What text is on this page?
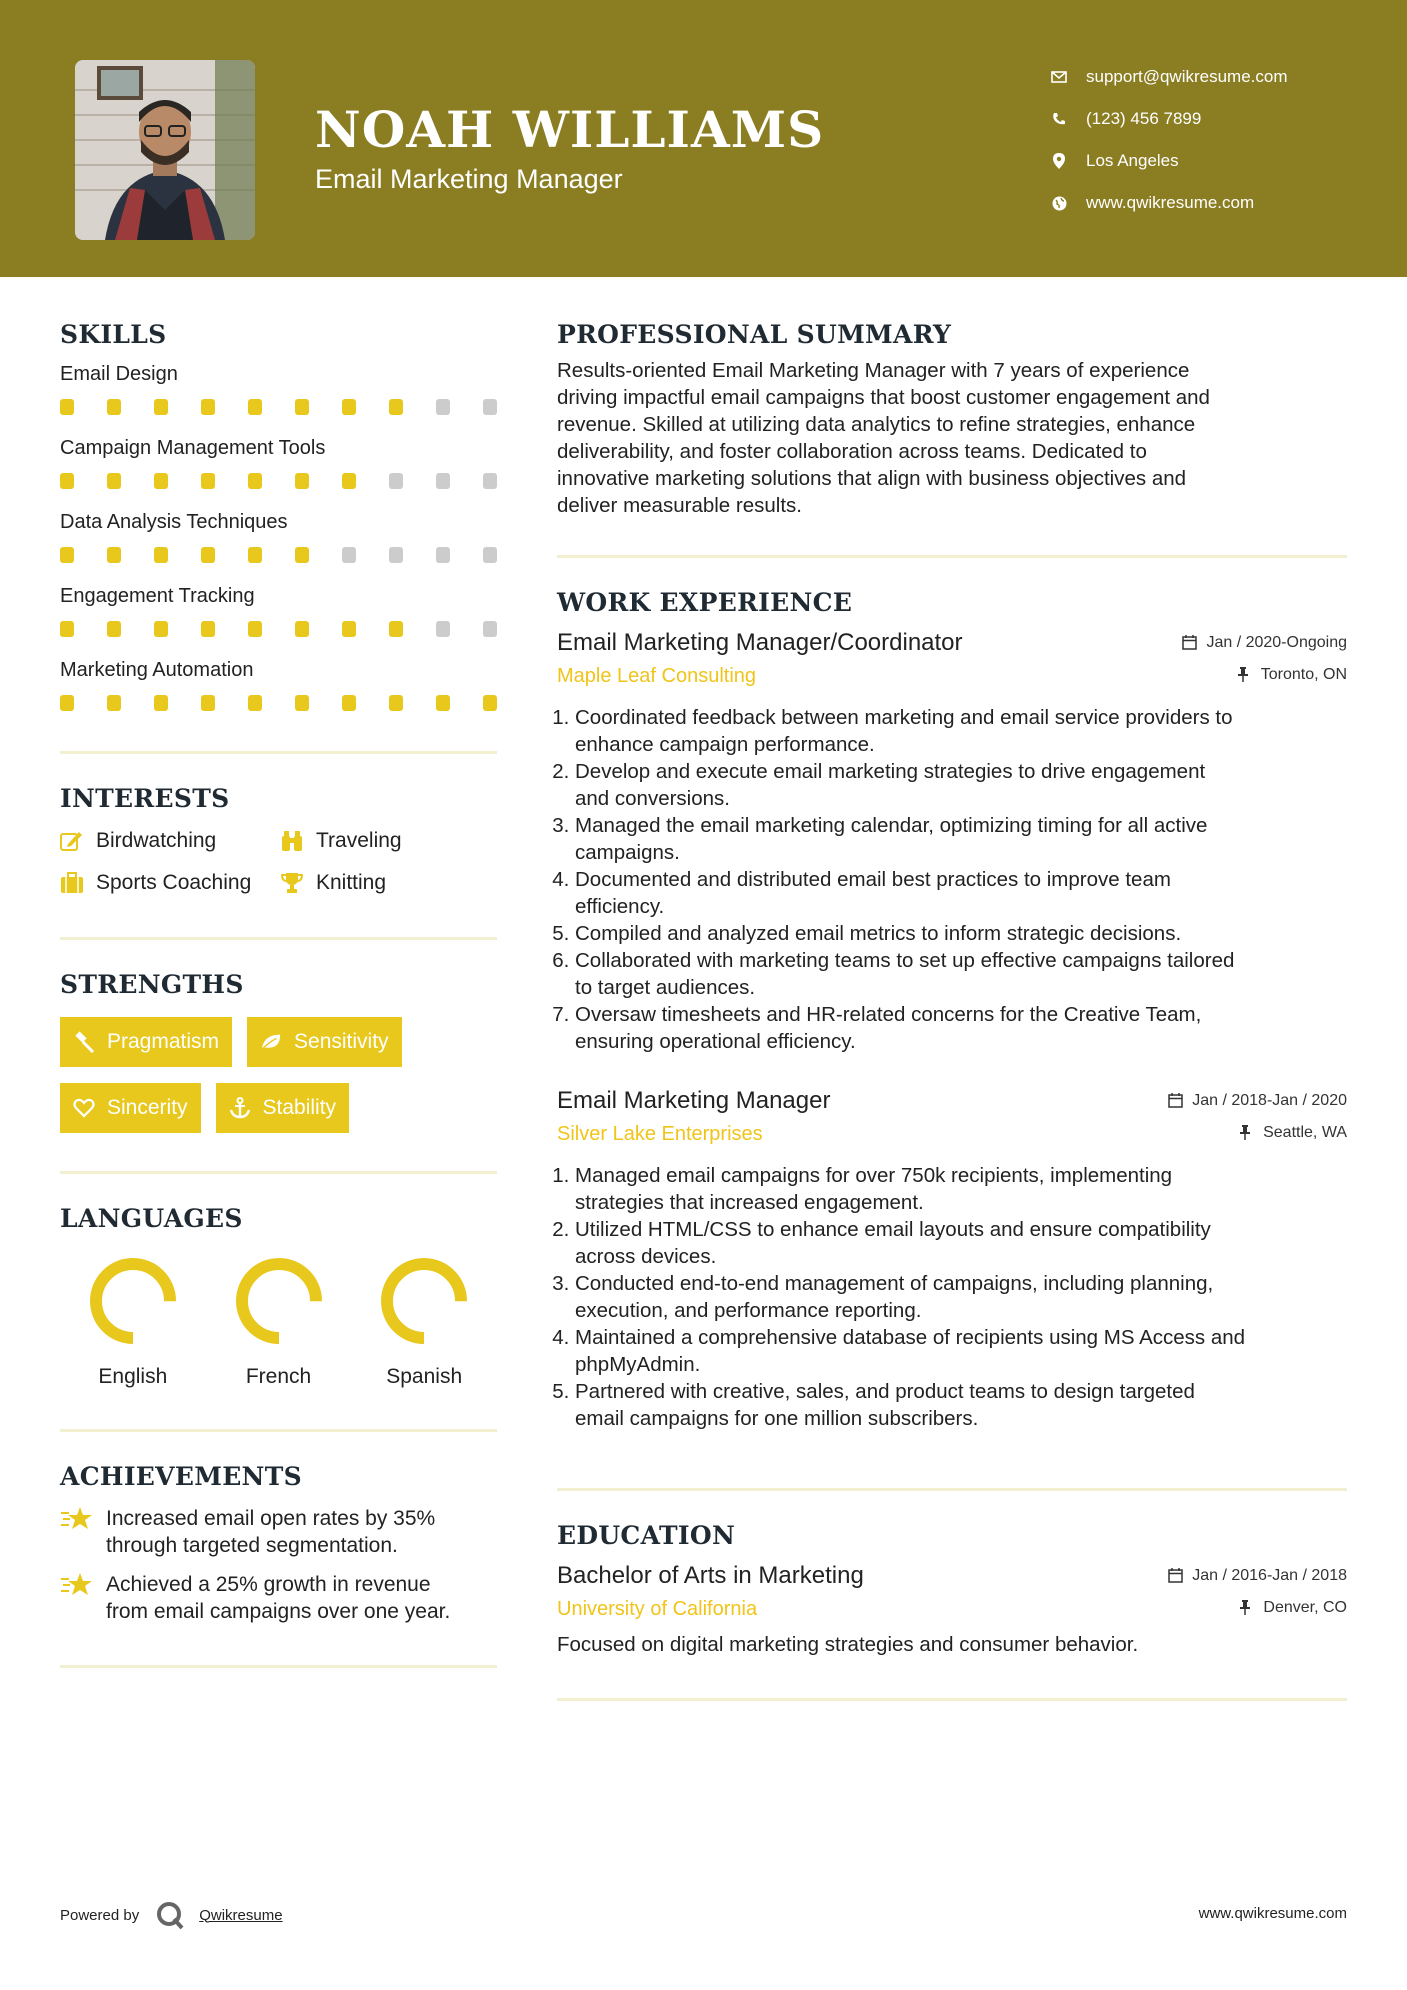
NOAH WILLIAMS
Email Marketing Manager
support@qwikresume.com
(123) 456 7899
Los Angeles
www.qwikresume.com
SKILLS
Email Design
Campaign Management Tools
Data Analysis Techniques
Engagement Tracking
Marketing Automation
INTERESTS
Birdwatching	Traveling
Sports Coaching	Knitting
STRENGTHS
Pragmatism	Sensitivity
Sincerity	Stability
LANGUAGES
English	French	Spanish
ACHIEVEMENTS
Increased email open rates by 35%
through targeted segmentation.
Achieved a 25% growth in revenue
from email campaigns over one year.
PROFESSIONAL SUMMARY
Results-oriented Email Marketing Manager with 7 years of experience
driving impactful email campaigns that boost customer engagement and
revenue. Skilled at utilizing data analytics to refine strategies, enhance
deliverability, and foster collaboration across teams. Dedicated to
innovative marketing solutions that align with business objectives and
deliver measurable results.
WORK EXPERIENCE
Email Marketing Manager/Coordinator	Jan / 2020-Ongoing
Maple Leaf Consulting	Toronto, ON
1. Coordinated feedback between marketing and email service providers to
enhance campaign performance.
2. Develop and execute email marketing strategies to drive engagement
and conversions.
3. Managed the email marketing calendar, optimizing timing for all active
campaigns.
4. Documented and distributed email best practices to improve team
efficiency.
5. Compiled and analyzed email metrics to inform strategic decisions.
6. Collaborated with marketing teams to set up effective campaigns tailored
to target audiences.
7. Oversaw timesheets and HR-related concerns for the Creative Team,
ensuring operational efficiency.
Email Marketing Manager	Jan / 2018-Jan / 2020
Silver Lake Enterprises	Seattle, WA
1. Managed email campaigns for over 750k recipients, implementing
strategies that increased engagement.
2. Utilized HTML/CSS to enhance email layouts and ensure compatibility
across devices.
3. Conducted end-to-end management of campaigns, including planning,
execution, and performance reporting.
4. Maintained a comprehensive database of recipients using MS Access and
phpMyAdmin.
5. Partnered with creative, sales, and product teams to design targeted
email campaigns for one million subscribers.
EDUCATION
Bachelor of Arts in Marketing	Jan / 2016-Jan / 2018
University of California	Denver, CO
Focused on digital marketing strategies and consumer behavior.
Powered by	Qwikresume	www.qwikresume.com
